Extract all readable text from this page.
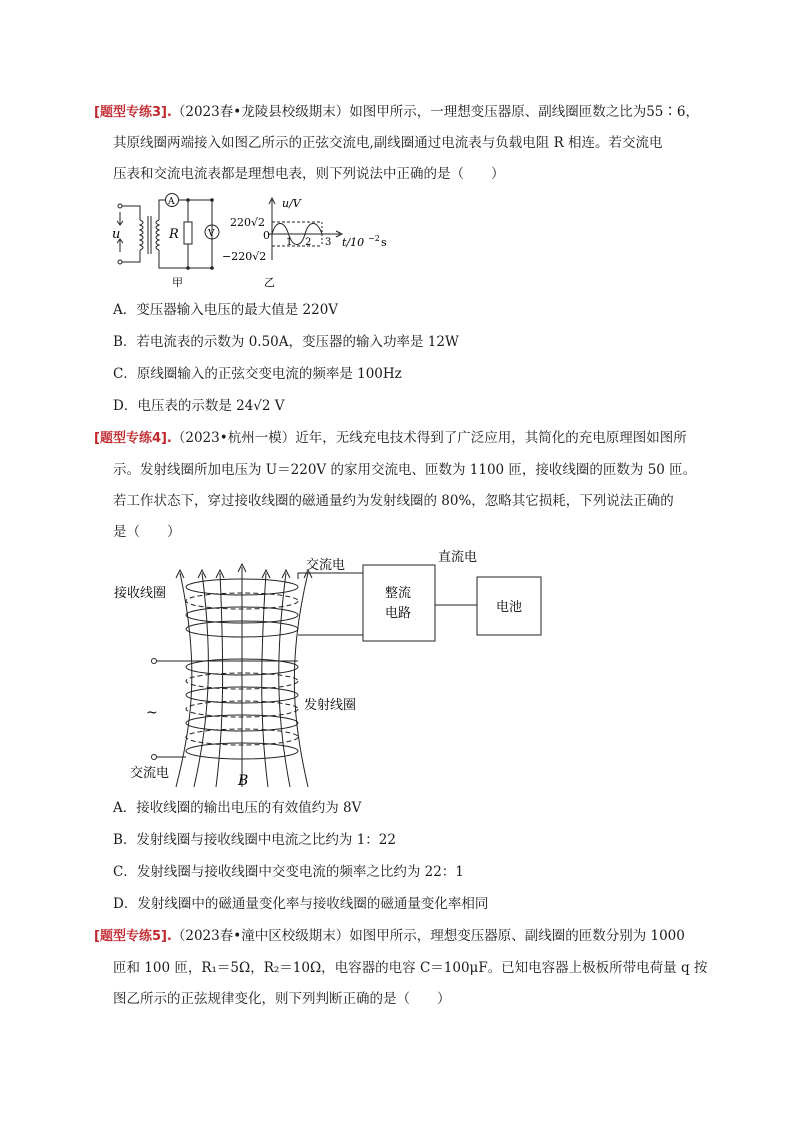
[题型专练3].（2023春•龙陵县校级期末）如图甲所示，一理想变压器原、副线圈匝数之比为55∶6，
其原线圈两端接入如图乙所示的正弦交流电,副线圈通过电流表与负载电阻 R 相连。若交流电
压表和交流电流表都是理想电表，则下列说法中正确的是（　　）
u	R
A
V
甲
u/V
220√2
0
−220√2
1 2 3 t/10 −2 s
乙
A．变压器输入电压的最大值是 220V
B．若电流表的示数为 0.50A，变压器的输入功率是 12W
C．原线圈输入的正弦交变电流的频率是 100Hz
D．电压表的示数是 24√2 V
[题型专练4].（2023•杭州一模）近年，无线充电技术得到了广泛应用，其简化的充电原理图如图所
示。发射线圈所加电压为 U＝220V 的家用交流电、匝数为 1100 匝，接收线圈的匝数为 50 匝。
若工作状态下，穿过接收线圈的磁通量约为发射线圈的 80%，忽略其它损耗，下列说法正确的
是（　　）
接收线圈
交流电
直流电
整流
电路	电池
发射线圈
~
交流电	B
A．接收线圈的输出电压的有效值约为 8V
B．发射线圈与接收线圈中电流之比约为 1：22
C．发射线圈与接收线圈中交变电流的频率之比约为 22：1
D．发射线圈中的磁通量变化率与接收线圈的磁通量变化率相同
[题型专练5].（2023春•潼中区校级期末）如图甲所示，理想变压器原、副线圈的匝数分别为 1000
匝和 100 匝，R₁＝5Ω，R₂＝10Ω，电容器的电容 C＝100μF。已知电容器上极板所带电荷量 q 按
图乙所示的正弦规律变化，则下列判断正确的是（　　）
